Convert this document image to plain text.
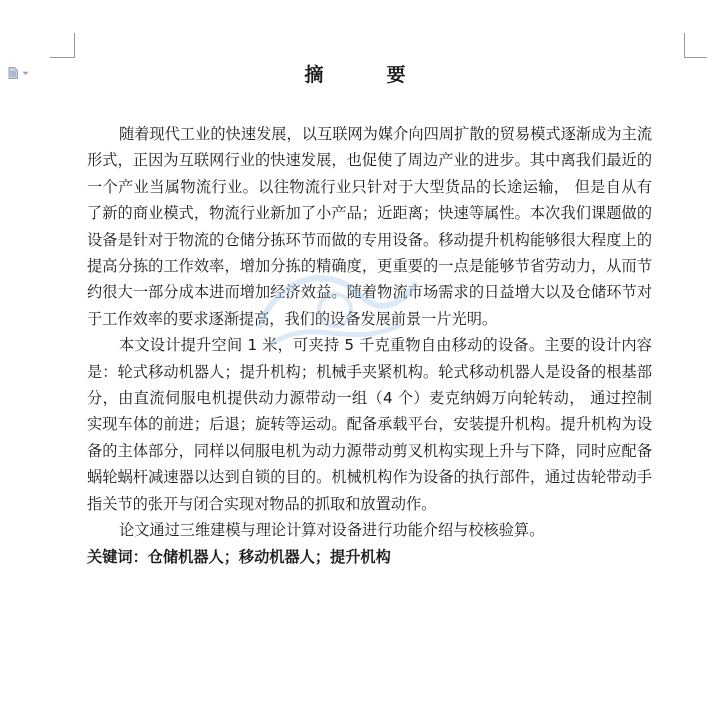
摘　要

随着现代工业的快速发展，以互联网为媒介向四周扩散的贸易模式逐渐成为主流形式，正因为互联网行业的快速发展，也促使了周边产业的进步。其中离我们最近的一个产业当属物流行业。以往物流行业只针对于大型货品的长途运输， 但是自从有了新的商业模式，物流行业新加了小产品；近距离；快速等属性。本次我们课题做的设备是针对于物流的仓储分拣环节而做的专用设备。移动提升机构能够很大程度上的提高分拣的工作效率，增加分拣的精确度，更重要的一点是能够节省劳动力，从而节约很大一部分成本进而增加经济效益。随着物流市场需求的日益增大以及仓储环节对于工作效率的要求逐渐提高，我们的设备发展前景一片光明。

本文设计提升空间 1 米，可夹持 5 千克重物自由移动的设备。主要的设计内容是：轮式移动机器人；提升机构；机械手夹紧机构。轮式移动机器人是设备的根基部分，由直流伺服电机提供动力源带动一组（4 个）麦克纳姆万向轮转动， 通过控制实现车体的前进；后退；旋转等运动。配备承载平台，安装提升机构。提升机构为设备的主体部分，同样以伺服电机为动力源带动剪叉机构实现上升与下降，同时应配备蜗轮蜗杆减速器以达到自锁的目的。机械机构作为设备的执行部件，通过齿轮带动手指关节的张开与闭合实现对物品的抓取和放置动作。

论文通过三维建模与理论计算对设备进行功能介绍与校核验算。

关键词：仓储机器人；移动机器人；提升机构
